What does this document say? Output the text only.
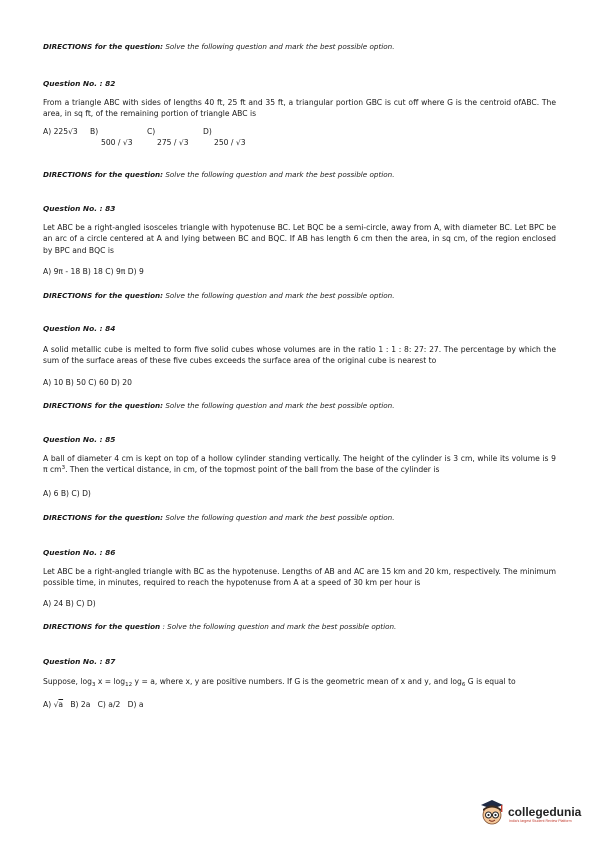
DIRECTIONS for the question: Solve the following question and mark the best possible option.
Question No. : 82
From a triangle ABC with sides of lengths 40 ft, 25 ft and 35 ft, a triangular portion GBC is cut off where G is the centroid ofABC. The area, in sq ft, of the remaining portion of triangle ABC is
A) 225√3 B)
500 / √3
C)
275 / √3
D)
250 / √3
DIRECTIONS for the question: Solve the following question and mark the best possible option.
Question No. : 83
Let ABC be a right-angled isosceles triangle with hypotenuse BC. Let BQC be a semi-circle, away from A, with diameter BC. Let BPC be an arc of a circle centered at A and lying between BC and BQC. If AB has length 6 cm then the area, in sq cm, of the region enclosed by BPC and BQC is
A) 9π - 18 B) 18 C) 9π D) 9
DIRECTIONS for the question: Solve the following question and mark the best possible option.
Question No. : 84
A solid metallic cube is melted to form five solid cubes whose volumes are in the ratio 1 : 1 : 8: 27: 27. The percentage by which the sum of the surface areas of these five cubes exceeds the surface area of the original cube is nearest to
A) 10 B) 50 C) 60 D) 20
DIRECTIONS for the question: Solve the following question and mark the best possible option.
Question No. : 85
A ball of diameter 4 cm is kept on top of a hollow cylinder standing vertically. The height of the cylinder is 3 cm, while its volume is 9 π $cm^3$. Then the vertical distance, in cm, of the topmost point of the ball from the base of the cylinder is
A) 6 B) C) D)
DIRECTIONS for the question: Solve the following question and mark the best possible option.
Question No. : 86
Let ABC be a right-angled triangle with BC as the hypotenuse. Lengths of AB and AC are 15 km and 20 km, respectively. The minimum possible time, in minutes, required to reach the hypotenuse from A at a speed of 30 km per hour is
A) 24 B) C) D)
DIRECTIONS for the question : Solve the following question and mark the best possible option.
Question No. : 87
Suppose, $\log_3 x = \log_{12} y = a$, where x, y are positive numbers. If G is the geometric mean of x and y, and $\log_6 G$ is equal to
A) √a   B) 2a   C) a/2   D) a
collegedunia
India's largest Student Review Platform
